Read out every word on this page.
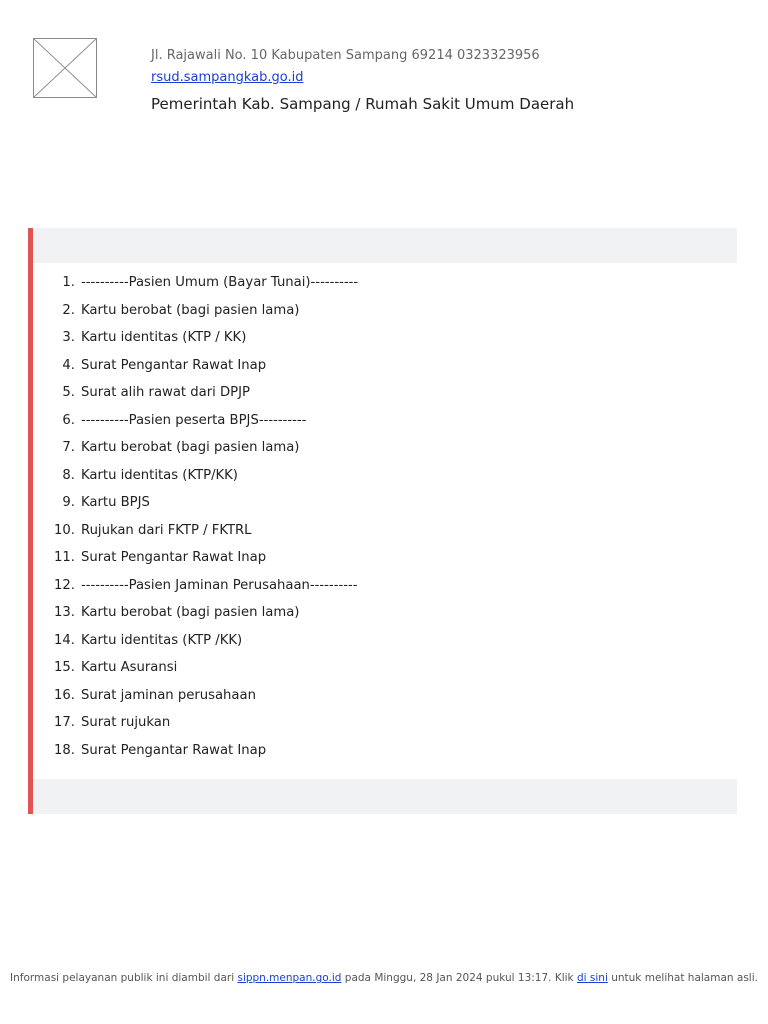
Jl. Rajawali No. 10 Kabupaten Sampang 69214 0323323956
rsud.sampangkab.go.id
Pemerintah Kab. Sampang / Rumah Sakit Umum Daerah
1. ----------Pasien Umum (Bayar Tunai)----------
2. Kartu berobat (bagi pasien lama)
3. Kartu identitas (KTP / KK)
4. Surat Pengantar Rawat Inap
5. Surat alih rawat dari DPJP
6. ----------Pasien peserta BPJS----------
7. Kartu berobat (bagi pasien lama)
8. Kartu identitas (KTP/KK)
9. Kartu BPJS
10. Rujukan dari FKTP / FKTRL
11. Surat Pengantar Rawat Inap
12. ----------Pasien Jaminan Perusahaan----------
13. Kartu berobat (bagi pasien lama)
14. Kartu identitas (KTP /KK)
15. Kartu Asuransi
16. Surat jaminan perusahaan
17. Surat rujukan
18. Surat Pengantar Rawat Inap
Informasi pelayanan publik ini diambil dari sippn.menpan.go.id pada Minggu, 28 Jan 2024 pukul 13:17. Klik di sini untuk melihat halaman asli.
